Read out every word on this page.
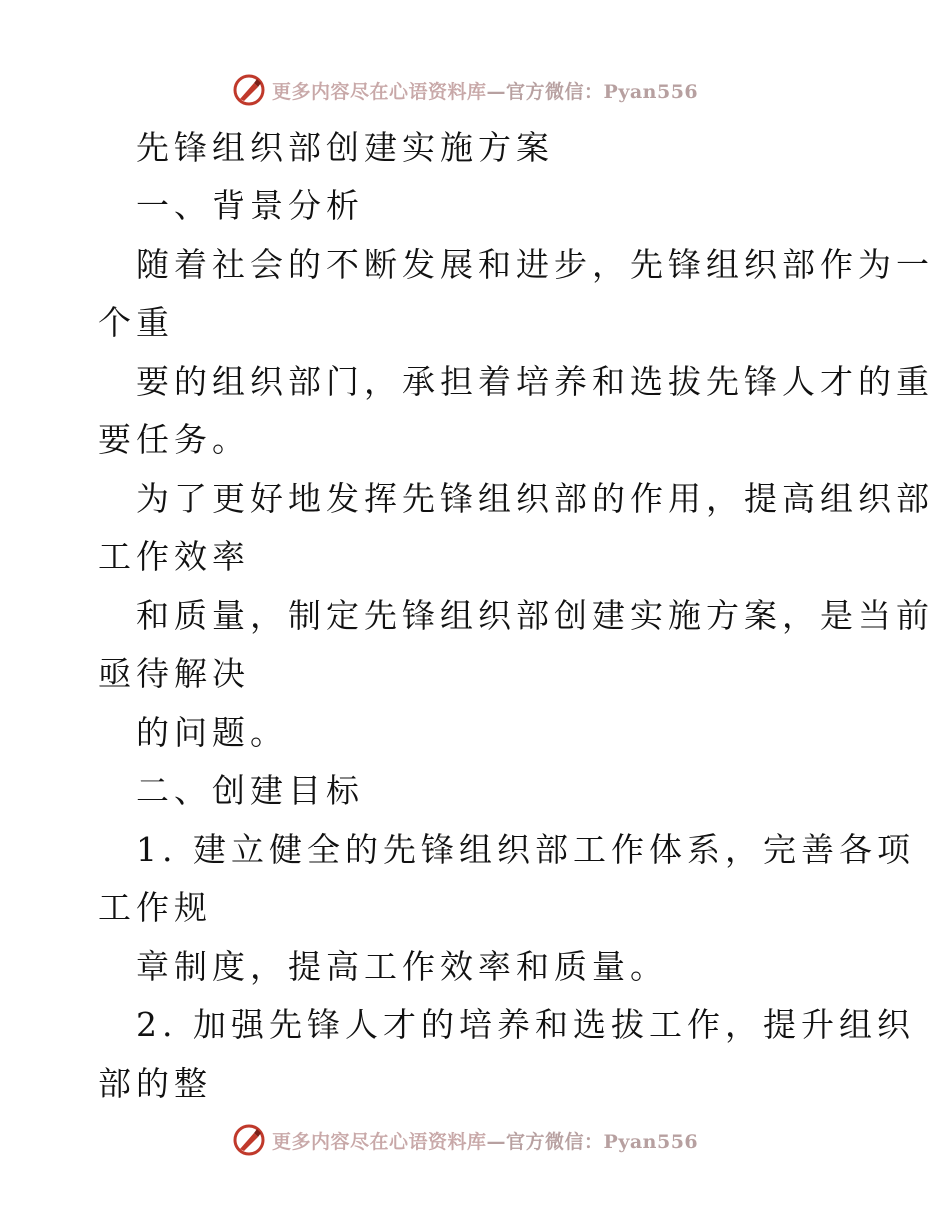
更多内容尽在心语资料库—官方微信：Pyan556
先锋组织部创建实施方案
一、背景分析
随着社会的不断发展和进步，先锋组织部作为一
个重
要的组织部门，承担着培养和选拔先锋人才的重
要任务。
为了更好地发挥先锋组织部的作用，提高组织部
工作效率
和质量，制定先锋组织部创建实施方案，是当前
亟待解决
的问题。
二、创建目标
1. 建立健全的先锋组织部工作体系，完善各项
工作规
章制度，提高工作效率和质量。
2. 加强先锋人才的培养和选拔工作，提升组织
部的整
更多内容尽在心语资料库—官方微信：Pyan556
